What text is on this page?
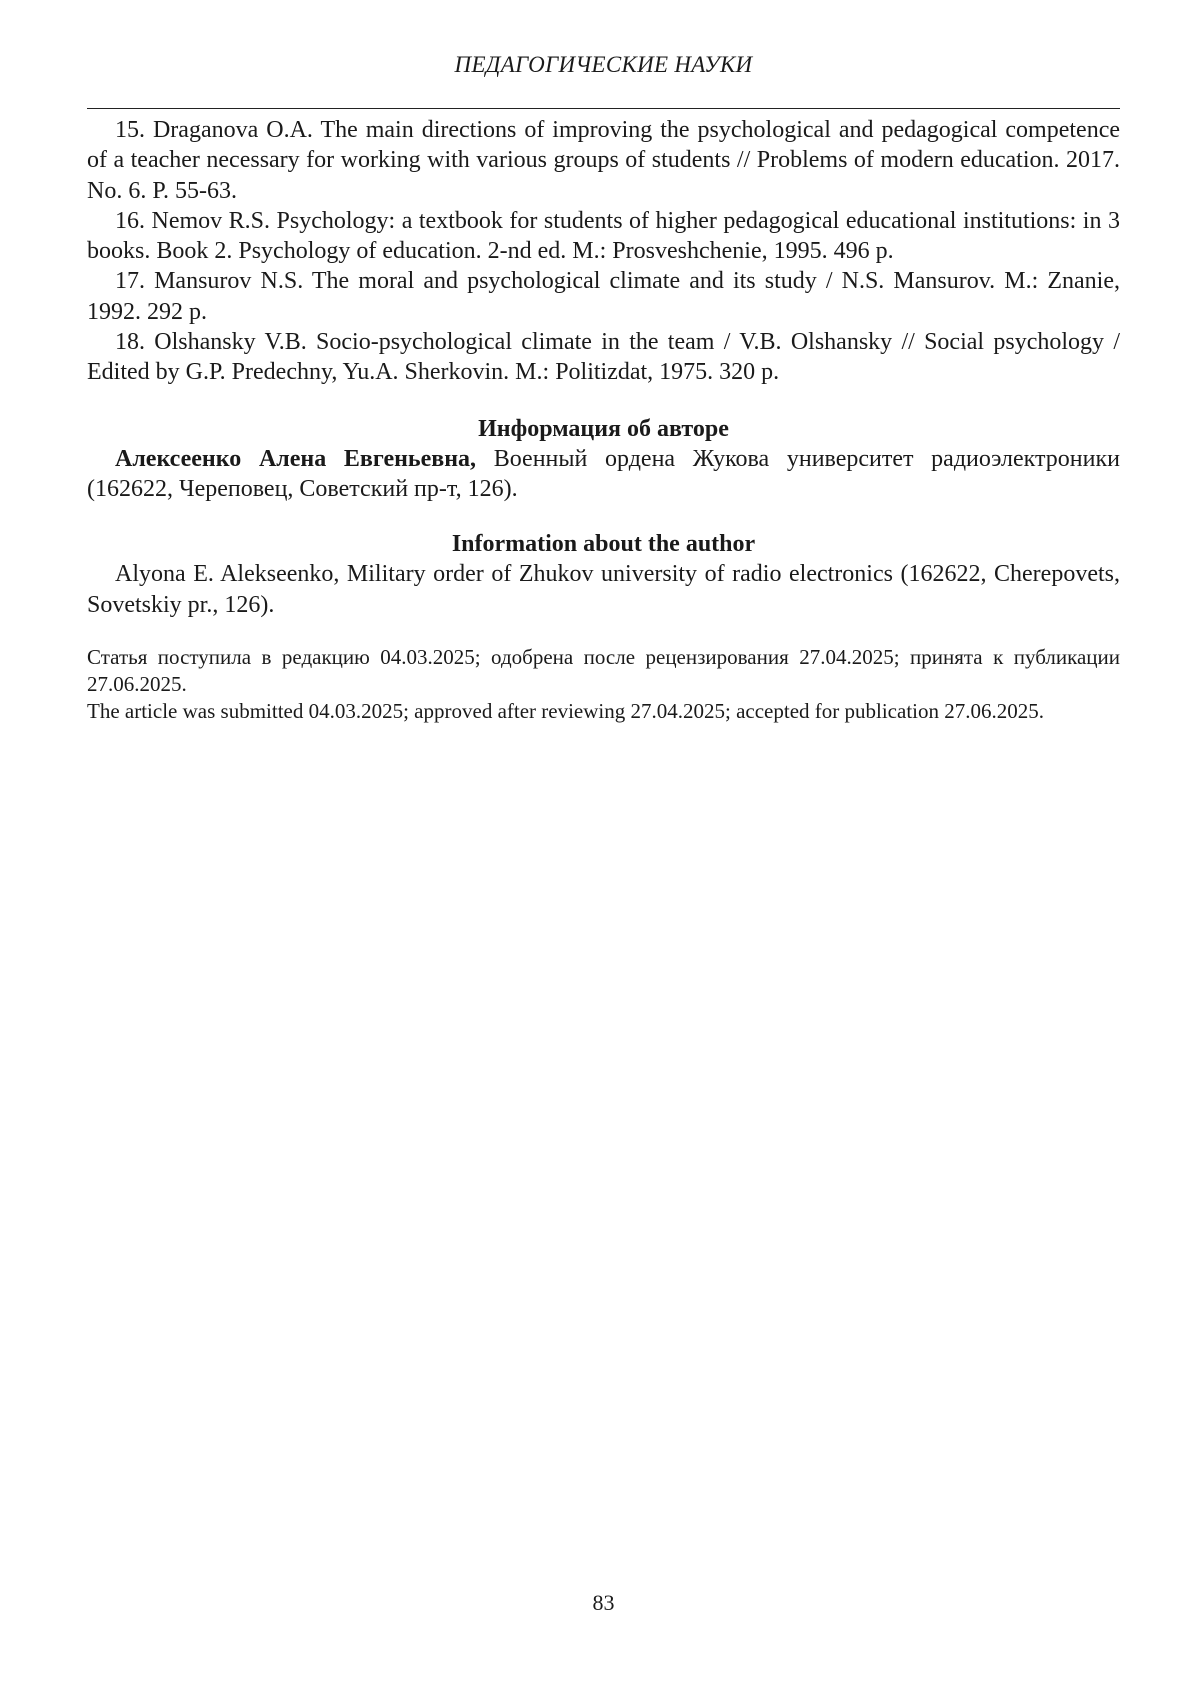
ПЕДАГОГИЧЕСКИЕ НАУКИ

15. Draganova O.A. The main directions of improving the psychological and pedagogical competence of a teacher necessary for working with various groups of students // Problems of modern education. 2017. No. 6. P. 55-63.

16. Nemov R.S. Psychology: a textbook for students of higher pedagogical educational institutions: in 3 books. Book 2. Psychology of education. 2-nd ed. M.: Prosveshchenie, 1995. 496 p.

17. Mansurov N.S. The moral and psychological climate and its study / N.S. Mansurov. M.: Znanie, 1992. 292 p.

18. Olshansky V.B. Socio-psychological climate in the team / V.B. Olshansky // Social psychology / Edited by G.P. Predechny, Yu.A. Sherkovin. M.: Politizdat, 1975. 320 p.

Информация об авторе

Алексеенко Алена Евгеньевна, Военный ордена Жукова университет радиоэлектроники (162622, Череповец, Советский пр-т, 126).

Information about the author

Alyona E. Alekseenko, Military order of Zhukov university of radio electronics (162622, Cherepovets, Sovetskiy pr., 126).

Статья поступила в редакцию 04.03.2025; одобрена после рецензирования 27.04.2025; принята к публикации 27.06.2025.

The article was submitted 04.03.2025; approved after reviewing 27.04.2025; accepted for publication 27.06.2025.

83
